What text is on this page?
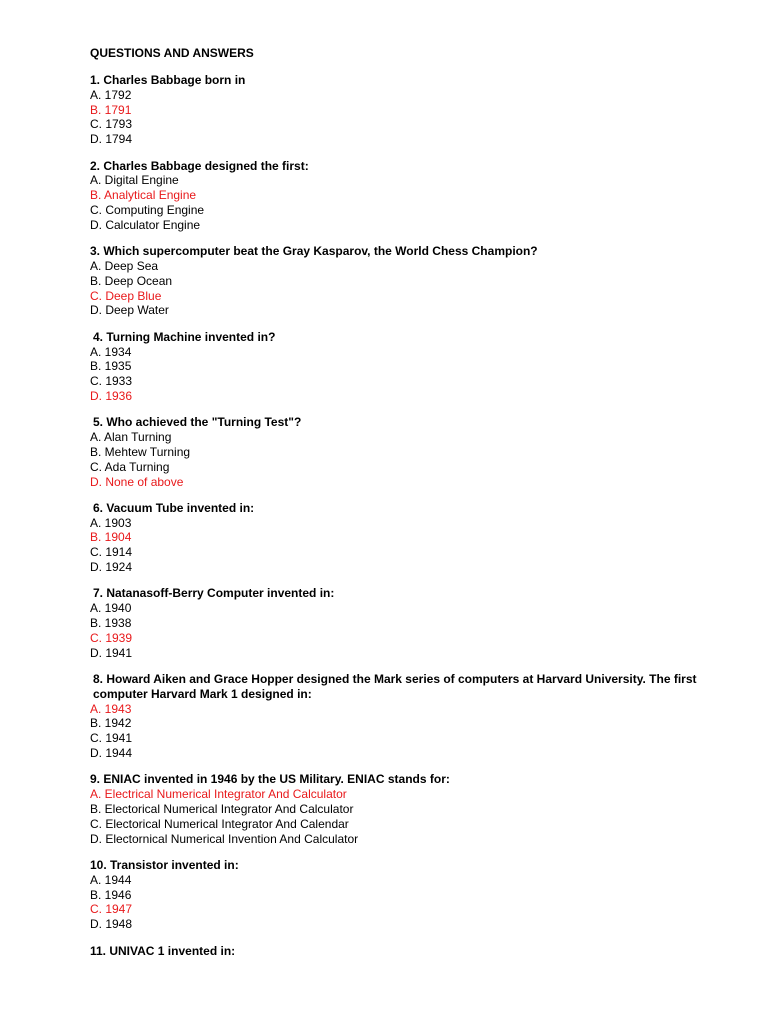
QUESTIONS AND ANSWERS
1. Charles Babbage born in
A. 1792
B. 1791
C. 1793
D. 1794
2. Charles Babbage designed the first:
A. Digital Engine
B. Analytical Engine
C. Computing Engine
D. Calculator Engine
3. Which supercomputer beat the Gray Kasparov, the World Chess Champion?
A. Deep Sea
B. Deep Ocean
C. Deep Blue
D. Deep Water
4. Turning Machine invented in?
A. 1934
B. 1935
C. 1933
D. 1936
5. Who achieved the "Turning Test"?
A. Alan Turning
B. Mehtew Turning
C. Ada Turning
D. None of above
6. Vacuum Tube invented in:
A. 1903
B. 1904
C. 1914
D. 1924
7. Natanasoff-Berry Computer invented in:
A. 1940
B. 1938
C. 1939
D. 1941
8. Howard Aiken and Grace Hopper designed the Mark series of computers at Harvard University. The first computer Harvard Mark 1 designed in:
A. 1943
B. 1942
C. 1941
D. 1944
9. ENIAC invented in 1946 by the US Military. ENIAC stands for:
A. Electrical Numerical Integrator And Calculator
B. Electorical Numerical Integrator And Calculator
C. Electorical Numerical Integrator And Calendar
D. Electornical Numerical Invention And Calculator
10. Transistor invented in:
A. 1944
B. 1946
C. 1947
D. 1948
11. UNIVAC 1 invented in:
